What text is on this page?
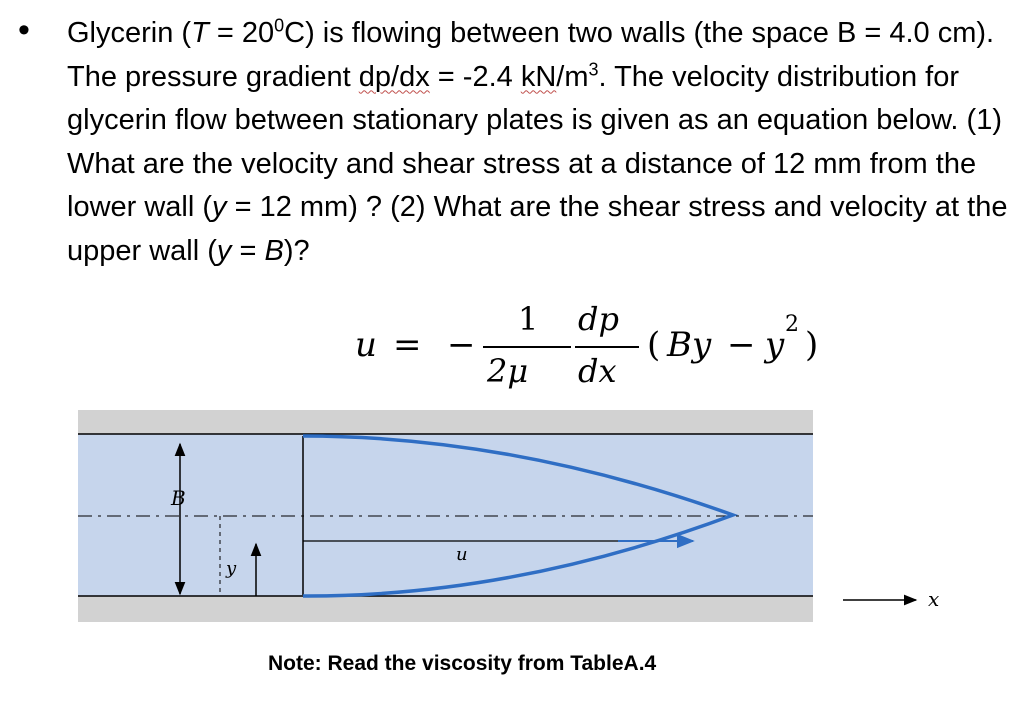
• Glycerin $(T = 20^0C)$ is flowing between two walls (the space B = 4.0 cm). The pressure gradient dp/dx = -2.4 $kN/m^3$. The velocity distribution for glycerin flow between stationary plates is given as an equation below. (1) What are the velocity and shear stress at a distance of 12 mm from the lower wall (y = 12 mm) ? (2) What are the shear stress and velocity at the upper wall (y = B)?

u = −
1
2μ
dp
dx
( By − y
2
)
B
y
u
x
Note: Read the viscosity from TableA.4
